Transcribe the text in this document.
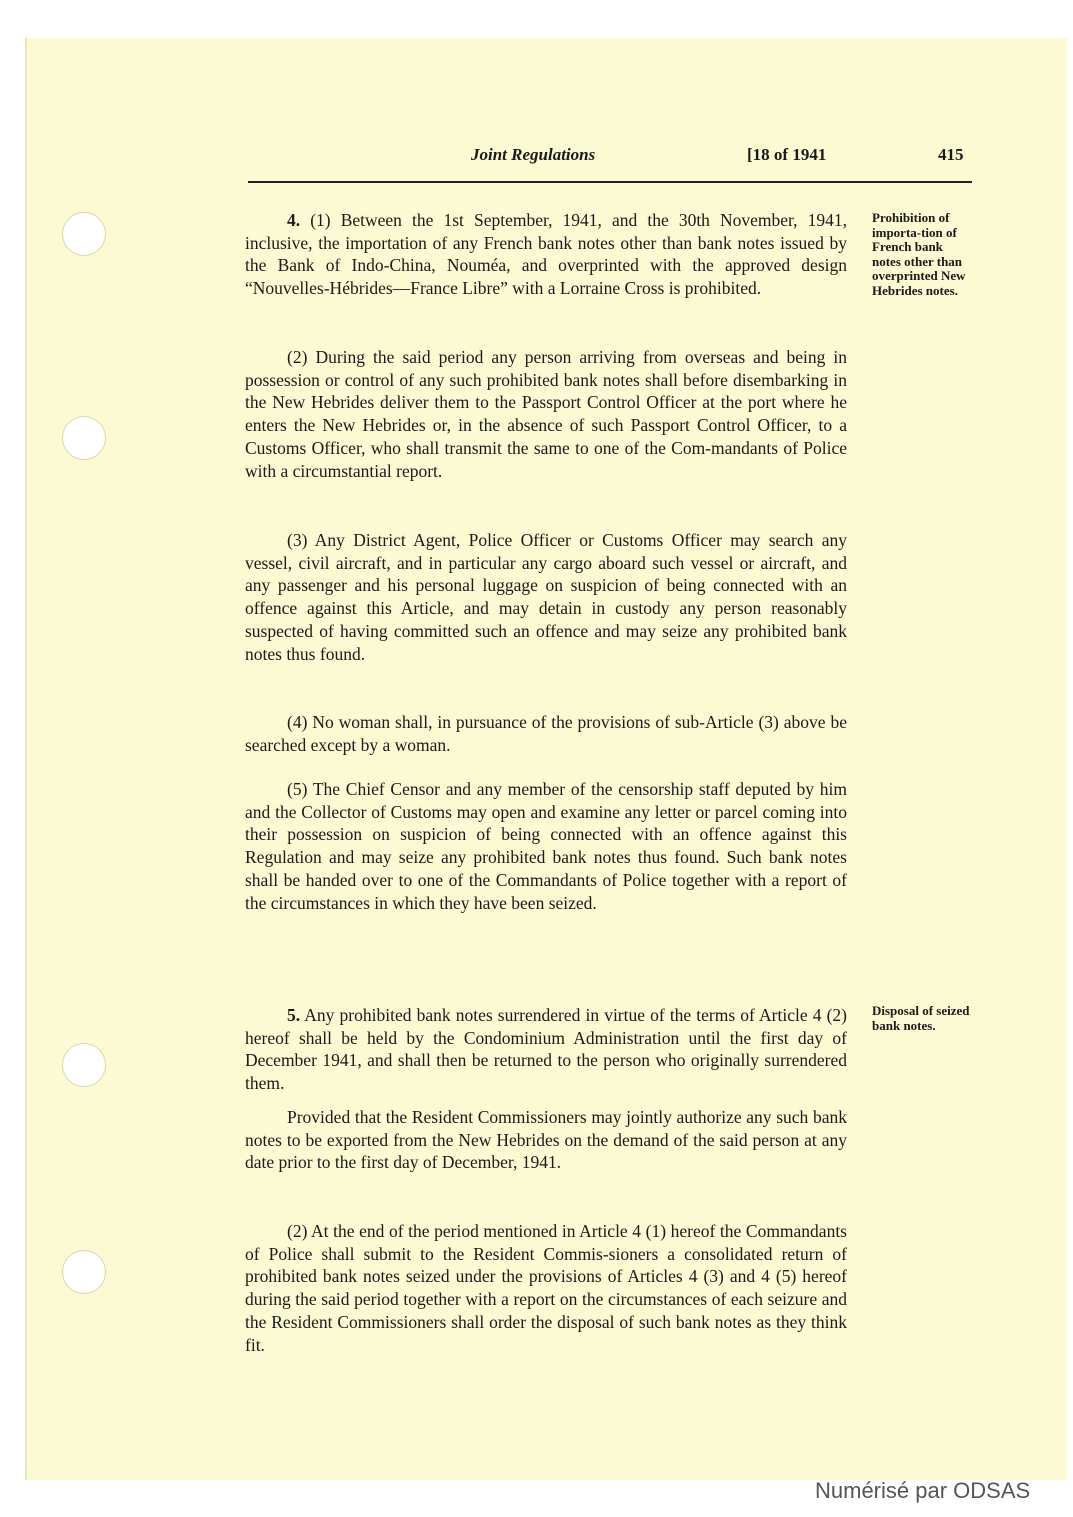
Joint Regulations	[18 of 1941	415
Prohibition of importa-tion of French bank notes other than overprinted New Hebrides notes.
Disposal of seized bank notes.

4. (1) Between the 1st September, 1941, and the 30th November, 1941, inclusive, the importation of any French bank notes other than bank notes issued by the Bank of Indo-China, Nouméa, and overprinted with the approved design “Nouvelles-Hébrides—France Libre” with a Lorraine Cross is prohibited.

(2) During the said period any person arriving from overseas and being in possession or control of any such prohibited bank notes shall before disembarking in the New Hebrides deliver them to the Passport Control Officer at the port where he enters the New Hebrides or, in the absence of such Passport Control Officer, to a Customs Officer, who shall transmit the same to one of the Com-mandants of Police with a circumstantial report.

(3) Any District Agent, Police Officer or Customs Officer may search any vessel, civil aircraft, and in particular any cargo aboard such vessel or aircraft, and any passenger and his personal luggage on suspicion of being connected with an offence against this Article, and may detain in custody any person reasonably suspected of having committed such an offence and may seize any prohibited bank notes thus found.

(4) No woman shall, in pursuance of the provisions of sub-Article (3) above be searched except by a woman.

(5) The Chief Censor and any member of the censorship staff deputed by him and the Collector of Customs may open and examine any letter or parcel coming into their possession on suspicion of being connected with an offence against this Regulation and may seize any prohibited bank notes thus found. Such bank notes shall be handed over to one of the Commandants of Police together with a report of the circumstances in which they have been seized.

5. Any prohibited bank notes surrendered in virtue of the terms of Article 4 (2) hereof shall be held by the Condominium Administration until the first day of December 1941, and shall then be returned to the person who originally surrendered them.

Provided that the Resident Commissioners may jointly authorize any such bank notes to be exported from the New Hebrides on the demand of the said person at any date prior to the first day of December, 1941.

(2) At the end of the period mentioned in Article 4 (1) hereof the Commandants of Police shall submit to the Resident Commis-sioners a consolidated return of prohibited bank notes seized under the provisions of Articles 4 (3) and 4 (5) hereof during the said period together with a report on the circumstances of each seizure and the Resident Commissioners shall order the disposal of such bank notes as they think fit.

Numérisé par ODSAS
